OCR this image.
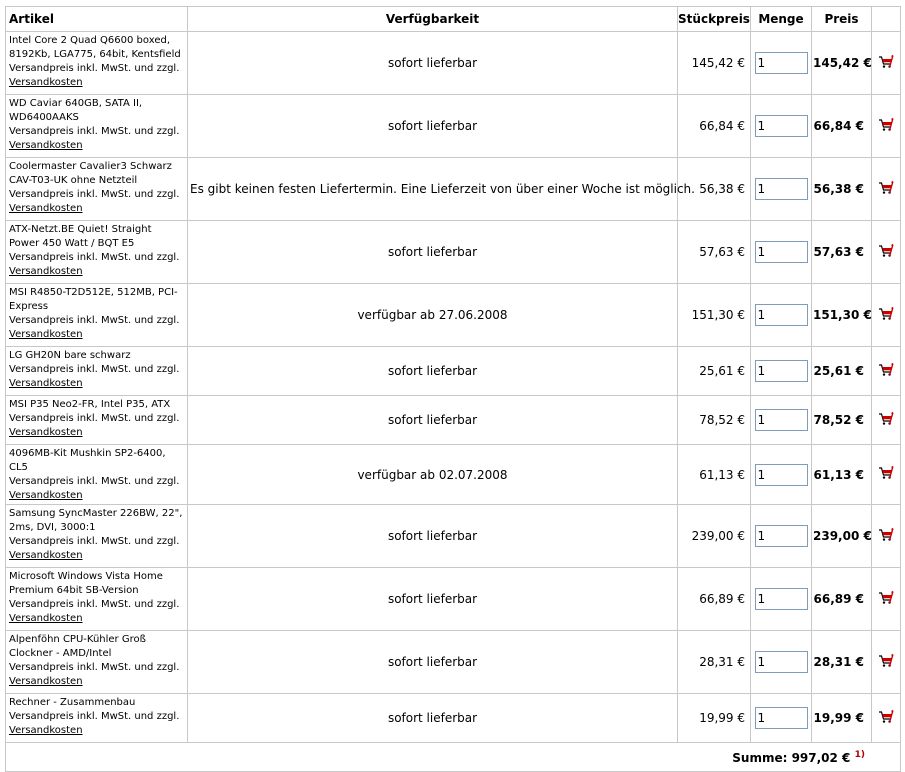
Artikel	Verfügbarkeit	Stückpreis	Menge	Preis	

Intel Core 2 Quad Q6600 boxed, 8192Kb, LGA775, 64bit, Kentsfield
Versandpreis inkl. MwSt. und zzgl.
Versandkosten	sofort lieferbar	145,42 €	1	145,42 €	

WD Caviar 640GB, SATA II, WD6400AAKS
Versandpreis inkl. MwSt. und zzgl.
Versandkosten	sofort lieferbar	66,84 €	1	66,84 €	

Coolermaster Cavalier3 Schwarz CAV-T03-UK ohne Netzteil
Versandpreis inkl. MwSt. und zzgl.
Versandkosten	Es gibt keinen festen Liefertermin. Eine Lieferzeit von über einer Woche ist möglich.	56,38 €	1	56,38 €	

ATX-Netzt.BE Quiet! Straight Power 450 Watt / BQT E5
Versandpreis inkl. MwSt. und zzgl.
Versandkosten	sofort lieferbar	57,63 €	1	57,63 €	

MSI R4850-T2D512E, 512MB, PCI-Express
Versandpreis inkl. MwSt. und zzgl.
Versandkosten	verfügbar ab 27.06.2008	151,30 €	1	151,30 €	

LG GH20N bare schwarz
Versandpreis inkl. MwSt. und zzgl.
Versandkosten	sofort lieferbar	25,61 €	1	25,61 €	

MSI P35 Neo2-FR, Intel P35, ATX
Versandpreis inkl. MwSt. und zzgl.
Versandkosten	sofort lieferbar	78,52 €	1	78,52 €	

4096MB-Kit Mushkin SP2-6400, CL5
Versandpreis inkl. MwSt. und zzgl.
Versandkosten	verfügbar ab 02.07.2008	61,13 €	1	61,13 €	

Samsung SyncMaster 226BW, 22", 2ms, DVI, 3000:1
Versandpreis inkl. MwSt. und zzgl.
Versandkosten	sofort lieferbar	239,00 €	1	239,00 €	

Microsoft Windows Vista Home Premium 64bit SB-Version
Versandpreis inkl. MwSt. und zzgl.
Versandkosten	sofort lieferbar	66,89 €	1	66,89 €	

Alpenföhn CPU-Kühler Groß Clockner - AMD/Intel
Versandpreis inkl. MwSt. und zzgl.
Versandkosten	sofort lieferbar	28,31 €	1	28,31 €	

Rechner - Zusammenbau
Versandpreis inkl. MwSt. und zzgl.
Versandkosten	sofort lieferbar	19,99 €	1	19,99 €	
Summe: 997,02 € $^{1)}$
